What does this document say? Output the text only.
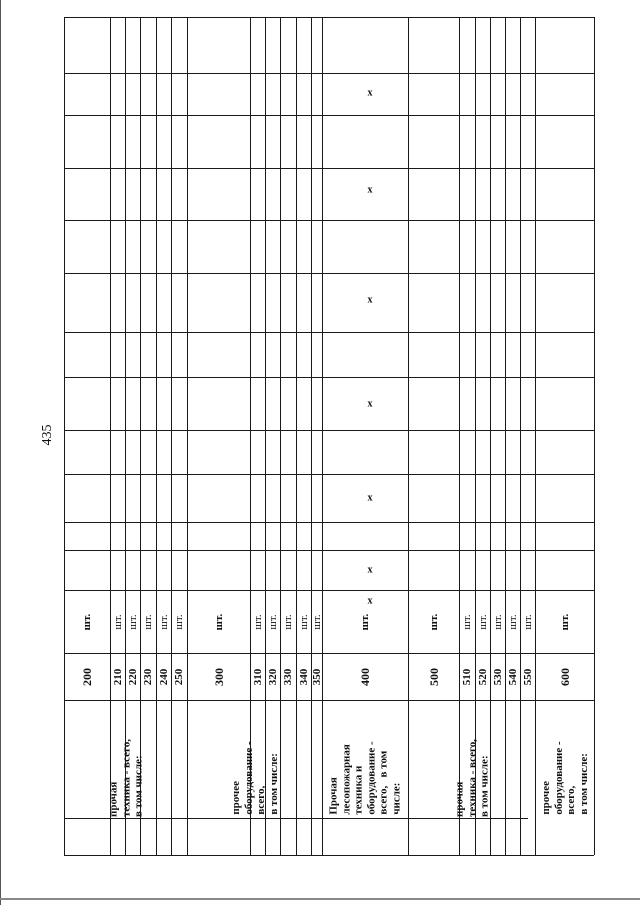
435
прочая
техника - всего,
в том числе:
200
шт.
210
шт.
220
шт.
230
шт.
240
шт.
250
шт.
прочее
оборудование -
всего,
в том числе:
300
шт.
310
шт.
320
шт.
330
шт.
340
шт.
350
шт.
Прочая
лесопожарная
техника и
оборудование -
всего,   в том
числе:
400
шт.
прочая
техника - всего,
в том числе:
500
шт.
510
шт.
520
шт.
530
шт.
540
шт.
550
шт.
прочее
оборудование -
всего,
в том числе:
600
шт.
x
x
x
x
x
x
x
